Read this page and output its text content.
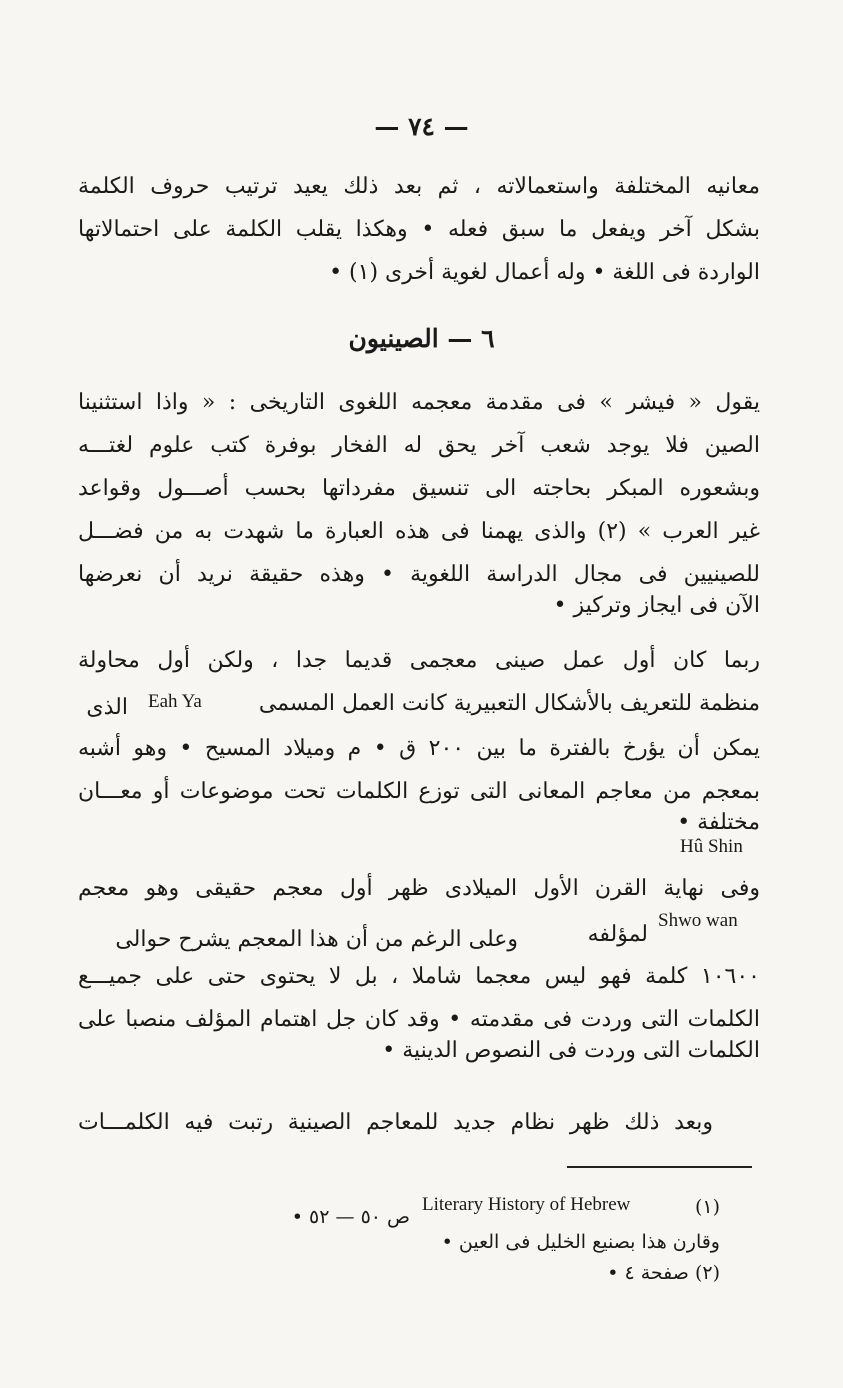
— ٧٤ —
معانيه المختلفة واستعمالاته ، ثم بعد ذلك يعيد ترتيب حروف الكلمة
بشكل آخر ويفعل ما سبق فعله • وهكذا يقلب الكلمة على احتمالاتها
الواردة فى اللغة • وله أعمال لغوية أخرى (١) •
٦ — الصينيون
يقول « فيشر » فى مقدمة معجمه اللغوى التاريخى : « واذا استثنينا
الصين فلا يوجد شعب آخر يحق له الفخار بوفرة كتب علوم لغتـــه
وبشعوره المبكر بحاجته الى تنسيق مفرداتها بحسب أصـــول وقواعد
غير العرب » (٢) والذى يهمنا فى هذه العبارة ما شهدت به من فضـــل
للصينيين فى مجال الدراسة اللغوية • وهذه حقيقة نريد أن نعرضها
الآن فى ايجاز وتركيز •
ربما كان أول عمل صينى معجمى قديما جدا ، ولكن أول محاولة
منظمة للتعريف بالأشكال التعبيرية كانت العمل المسمى
Eah Ya
الذى
يمكن أن يؤرخ بالفترة ما بين ٢٠٠ ق • م وميلاد المسيح • وهو أشبه
بمعجم من معاجم المعانى التى توزع الكلمات تحت موضوعات أو معـــان
مختلفة •
Hû Shin
وفى نهاية القرن الأول الميلادى ظهر أول معجم حقيقى وهو معجم
Shwo wan
لمؤلفه
وعلى الرغم من أن هذا المعجم يشرح حوالى
١٠٦٠٠ كلمة فهو ليس معجما شاملا ، بل لا يحتوى حتى على جميـــع
الكلمات التى وردت فى مقدمته • وقد كان جل اهتمام المؤلف منصبا على
الكلمات التى وردت فى النصوص الدينية •
وبعد ذلك ظهر نظام جديد للمعاجم الصينية رتبت فيه الكلمـــات
(١)
Literary History of Hebrew
ص ٥٠ — ٥٢ •
وقارن هذا بصنيع الخليل فى العين •
(٢) صفحة ٤ •
